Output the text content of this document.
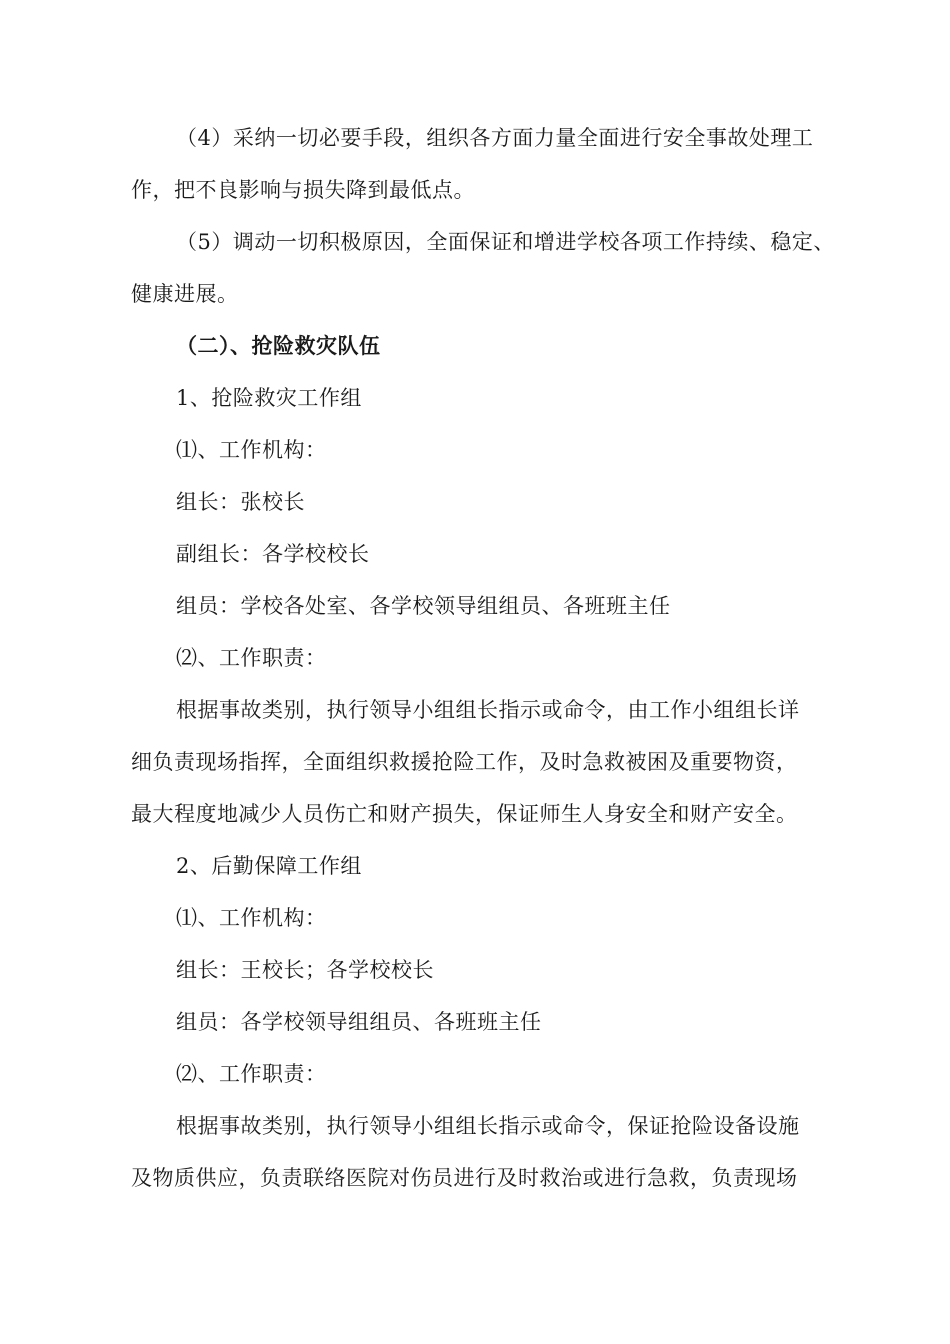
（4）采纳一切必要手段，组织各方面力量全面进行安全事故处理工
作，把不良影响与损失降到最低点。
（5）调动一切积极原因，全面保证和增进学校各项工作持续、稳定、
健康进展。
（二）、抢险救灾队伍
1、抢险救灾工作组
⑴、工作机构：
组长：张校长
副组长：各学校校长
组员：学校各处室、各学校领导组组员、各班班主任
⑵、工作职责：
根据事故类别，执行领导小组组长指示或命令，由工作小组组长详
细负责现场指挥，全面组织救援抢险工作，及时急救被困及重要物资，
最大程度地减少人员伤亡和财产损失，保证师生人身安全和财产安全。
2、后勤保障工作组
⑴、工作机构：
组长：王校长；各学校校长
组员：各学校领导组组员、各班班主任
⑵、工作职责：
根据事故类别，执行领导小组组长指示或命令，保证抢险设备设施
及物质供应，负责联络医院对伤员进行及时救治或进行急救，负责现场
